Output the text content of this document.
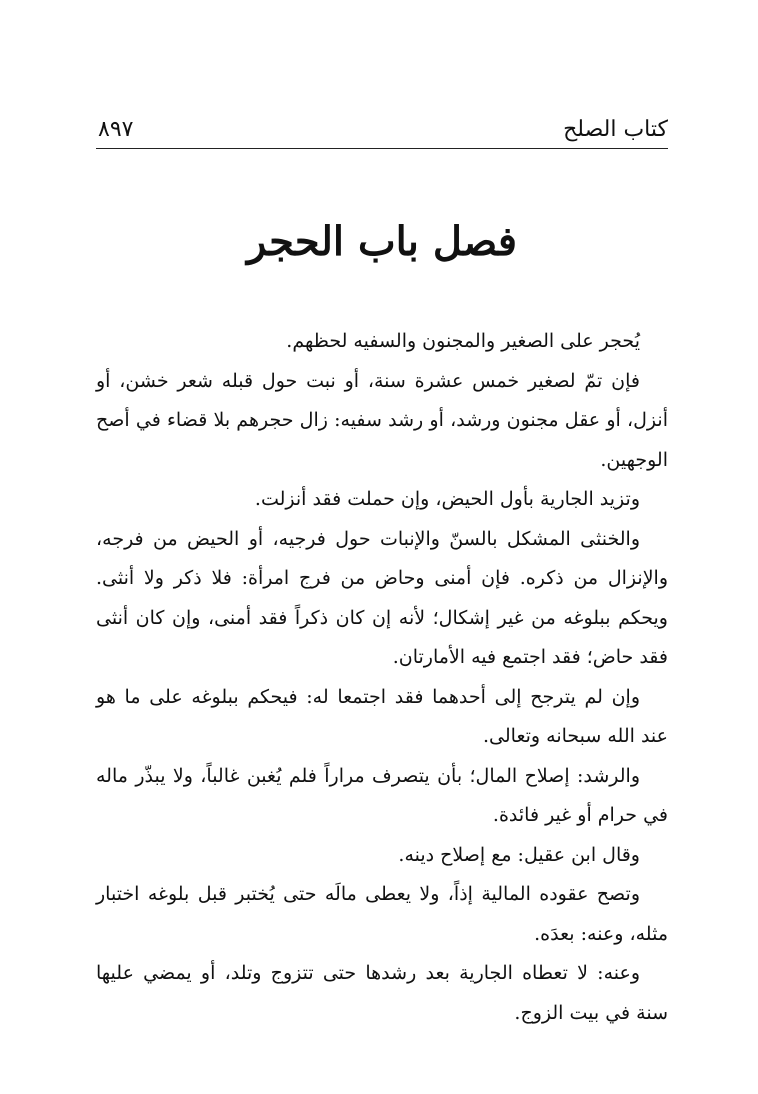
كتاب الصلح
٨٩٧
فصل باب الحجر

يُحجر على الصغير والمجنون والسفيه لحظهم.

فإن تمّ لصغير خمس عشرة سنة، أو نبت حول قبله شعر خشن، أو أنزل، أو عقل مجنون ورشد، أو رشد سفيه: زال حجرهم بلا قضاء في أصح الوجهين.

وتزيد الجارية بأول الحيض، وإن حملت فقد أنزلت.

والخنثى المشكل بالسنّ والإنبات حول فرجيه، أو الحيض من فرجه، والإنزال من ذكره. فإن أمنى وحاض من فرج امرأة: فلا ذكر ولا أنثى. ويحكم ببلوغه من غير إشكال؛ لأنه إن كان ذكراً فقد أمنى، وإن كان أنثى فقد حاض؛ فقد اجتمع فيه الأمارتان.

وإن لم يترجح إلى أحدهما فقد اجتمعا له: فيحكم ببلوغه على ما هو عند الله سبحانه وتعالى.

والرشد: إصلاح المال؛ بأن يتصرف مراراً فلم يُغبن غالباً، ولا يبذّر ماله في حرام أو غير فائدة.

وقال ابن عقيل: مع إصلاح دينه.

وتصح عقوده المالية إذاً، ولا يعطى مالَه حتى يُختبر قبل بلوغه اختبار مثله، وعنه: بعدَه.

وعنه: لا تعطاه الجارية بعد رشدها حتى تتزوج وتلد، أو يمضي عليها سنة في بيت الزوج.
